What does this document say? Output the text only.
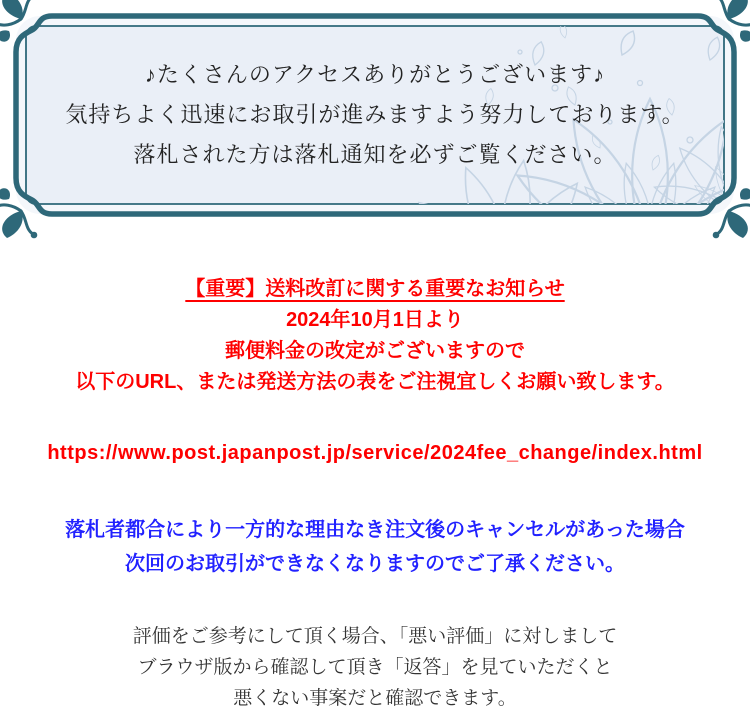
♪たくさんのアクセスありがとうございます♪
気持ちよく迅速にお取引が進みますよう努力しております。
落札された方は落札通知を必ずご覧ください。
【重要】送料改訂に関する重要なお知らせ
2024年10月1日より
郵便料金の改定がございますので
以下のURL、または発送方法の表をご注視宜しくお願い致します。
https://www.post.japanpost.jp/service/2024fee_change/index.html
落札者都合により一方的な理由なき注文後のキャンセルがあった場合
次回のお取引ができなくなりますのでご了承ください。
評価をご参考にして頂く場合、「悪い評価」に対しまして
ブラウザ版から確認して頂き「返答」を見ていただくと
悪くない事案だと確認できます。
